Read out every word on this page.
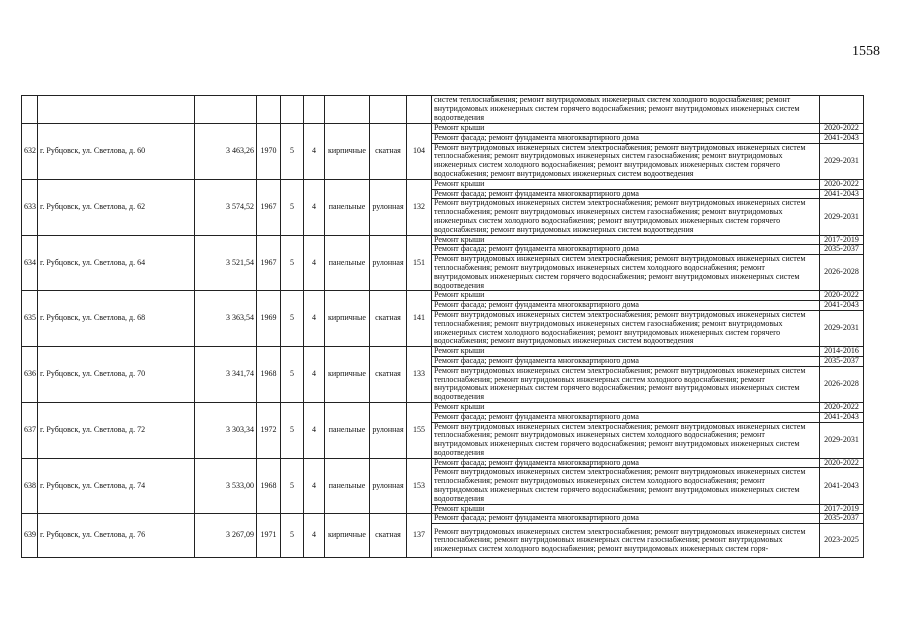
1558
									систем теплоснабжения; ремонт внутридомовых инженерных систем холодного водоснабжения; ремонт внутридомовых инженерных систем горячего водоснабжения; ремонт внутридомовых инженерных систем водоотведения	
632	г. Рубцовск, ул. Светлова, д. 60	3 463,26	1970	5	4	кирпичные	скатная	104	Ремонт крыши	2020-2022
									Ремонт фасада; ремонт фундамента многоквартирного дома	2041-2043
									Ремонт внутридомовых инженерных систем электроснабжения; ремонт внутридомовых инженерных систем теплоснабжения; ремонт внутридомовых инженерных систем газоснабжения; ремонт внутридомовых инженерных систем холодного водоснабжения; ремонт внутридомовых инженерных систем горячего водоснабжения; ремонт внутридомовых инженерных систем водоотведения	2029-2031
633	г. Рубцовск, ул. Светлова, д. 62	3 574,52	1967	5	4	панельные	рулонная	132	Ремонт крыши	2020-2022
									Ремонт фасада; ремонт фундамента многоквартирного дома	2041-2043
									Ремонт внутридомовых инженерных систем электроснабжения; ремонт внутридомовых инженерных систем теплоснабжения; ремонт внутридомовых инженерных систем газоснабжения; ремонт внутридомовых инженерных систем холодного водоснабжения; ремонт внутридомовых инженерных систем горячего водоснабжения; ремонт внутридомовых инженерных систем водоотведения	2029-2031
634	г. Рубцовск, ул. Светлова, д. 64	3 521,54	1967	5	4	панельные	рулонная	151	Ремонт крыши	2017-2019
									Ремонт фасада; ремонт фундамента многоквартирного дома	2035-2037
									Ремонт внутридомовых инженерных систем электроснабжения; ремонт внутридомовых инженерных систем теплоснабжения; ремонт внутридомовых инженерных систем холодного водоснабжения; ремонт внутридомовых инженерных систем горячего водоснабжения; ремонт внутридомовых инженерных систем водоотведения	2026-2028
635	г. Рубцовск, ул. Светлова, д. 68	3 363,54	1969	5	4	кирпичные	скатная	141	Ремонт крыши	2020-2022
									Ремонт фасада; ремонт фундамента многоквартирного дома	2041-2043
									Ремонт внутридомовых инженерных систем электроснабжения; ремонт внутридомовых инженерных систем теплоснабжения; ремонт внутридомовых инженерных систем газоснабжения; ремонт внутридомовых инженерных систем холодного водоснабжения; ремонт внутридомовых инженерных систем горячего водоснабжения; ремонт внутридомовых инженерных систем водоотведения	2029-2031
636	г. Рубцовск, ул. Светлова, д. 70	3 341,74	1968	5	4	кирпичные	скатная	133	Ремонт крыши	2014-2016
									Ремонт фасада; ремонт фундамента многоквартирного дома	2035-2037
									Ремонт внутридомовых инженерных систем электроснабжения; ремонт внутридомовых инженерных систем теплоснабжения; ремонт внутридомовых инженерных систем холодного водоснабжения; ремонт внутридомовых инженерных систем горячего водоснабжения; ремонт внутридомовых инженерных систем водоотведения	2026-2028
637	г. Рубцовск, ул. Светлова, д. 72	3 303,34	1972	5	4	панельные	рулонная	155	Ремонт крыши	2020-2022
									Ремонт фасада; ремонт фундамента многоквартирного дома	2041-2043
									Ремонт внутридомовых инженерных систем электроснабжения; ремонт внутридомовых инженерных систем теплоснабжения; ремонт внутридомовых инженерных систем холодного водоснабжения; ремонт внутридомовых инженерных систем горячего водоснабжения; ремонт внутридомовых инженерных систем водоотведения	2029-2031
638	г. Рубцовск, ул. Светлова, д. 74	3 533,00	1968	5	4	панельные	рулонная	153	Ремонт фасада; ремонт фундамента многоквартирного дома	2020-2022
									Ремонт внутридомовых инженерных систем электроснабжения; ремонт внутридомовых инженерных систем теплоснабжения; ремонт внутридомовых инженерных систем холодного водоснабжения; ремонт внутридомовых инженерных систем горячего водоснабжения; ремонт внутридомовых инженерных систем водоотведения	2041-2043
									Ремонт крыши	2017-2019
639	г. Рубцовск, ул. Светлова, д. 76	3 267,09	1971	5	4	кирпичные	скатная	137	Ремонт фасада; ремонт фундамента многоквартирного дома	2035-2037
									Ремонт внутридомовых инженерных систем электроснабжения; ремонт внутридомовых инженерных систем теплоснабжения; ремонт внутридомовых инженерных систем газоснабжения; ремонт внутридомовых инженерных систем холодного водоснабжения; ремонт внутридомовых инженерных систем горя-	2023-2025
